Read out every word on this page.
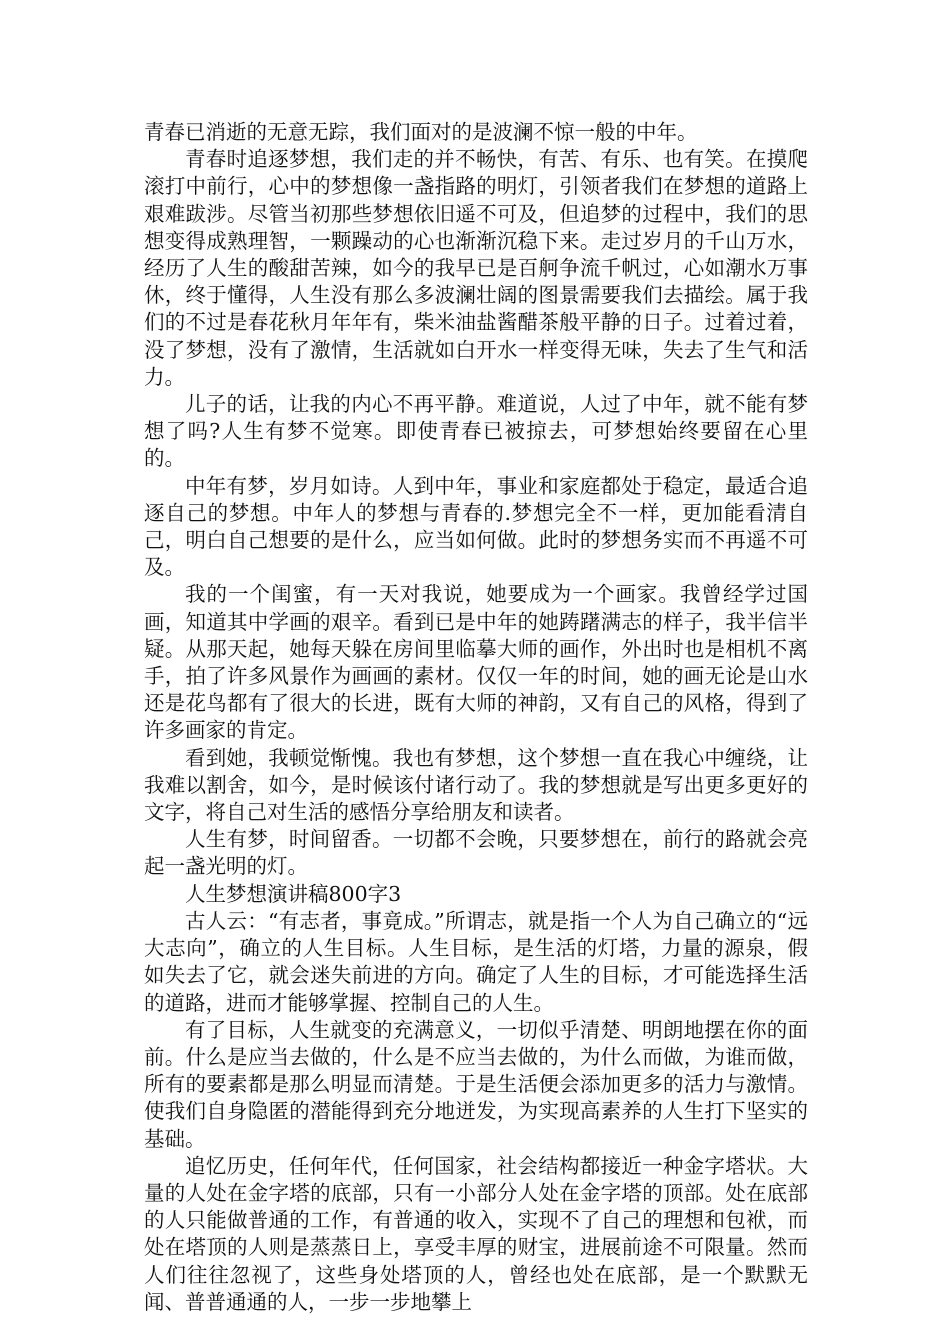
青春已消逝的无意无踪，我们面对的是波澜不惊一般的中年。

青春时追逐梦想，我们走的并不畅快，有苦、有乐、也有笑。在摸爬滚打中前行，心中的梦想像一盏指路的明灯，引领者我们在梦想的道路上艰难跋涉。尽管当初那些梦想依旧遥不可及，但追梦的过程中，我们的思想变得成熟理智，一颗躁动的心也渐渐沉稳下来。走过岁月的千山万水，经历了人生的酸甜苦辣，如今的我早已是百舸争流千帆过，心如潮水万事休，终于懂得，人生没有那么多波澜壮阔的图景需要我们去描绘。属于我们的不过是春花秋月年年有，柴米油盐酱醋茶般平静的日子。过着过着，没了梦想，没有了激情，生活就如白开水一样变得无味，失去了生气和活力。

儿子的话，让我的内心不再平静。难道说，人过了中年，就不能有梦想了吗?人生有梦不觉寒。即使青春已被掠去，可梦想始终要留在心里的。

中年有梦，岁月如诗。人到中年，事业和家庭都处于稳定，最适合追逐自己的梦想。中年人的梦想与青春的.梦想完全不一样，更加能看清自己，明白自己想要的是什么，应当如何做。此时的梦想务实而不再遥不可及。

我的一个闺蜜，有一天对我说，她要成为一个画家。我曾经学过国画，知道其中学画的艰辛。看到已是中年的她踌躇满志的样子，我半信半疑。从那天起，她每天躲在房间里临摹大师的画作，外出时也是相机不离手，拍了许多风景作为画画的素材。仅仅一年的时间，她的画无论是山水还是花鸟都有了很大的长进，既有大师的神韵，又有自己的风格，得到了许多画家的肯定。

看到她，我顿觉惭愧。我也有梦想，这个梦想一直在我心中缠绕，让我难以割舍，如今，是时候该付诸行动了。我的梦想就是写出更多更好的文字，将自己对生活的感悟分享给朋友和读者。

人生有梦，时间留香。一切都不会晚，只要梦想在，前行的路就会亮起一盏光明的灯。

人生梦想演讲稿800字3

古人云：“有志者，事竟成。”所谓志，就是指一个人为自己确立的“远大志向”，确立的人生目标。人生目标，是生活的灯塔，力量的源泉，假如失去了它，就会迷失前进的方向。确定了人生的目标，才可能选择生活的道路，进而才能够掌握、控制自己的人生。

有了目标，人生就变的充满意义，一切似乎清楚、明朗地摆在你的面前。什么是应当去做的，什么是不应当去做的，为什么而做，为谁而做，所有的要素都是那么明显而清楚。于是生活便会添加更多的活力与激情。使我们自身隐匿的潜能得到充分地迸发，为实现高素养的人生打下坚实的基础。

追忆历史，任何年代，任何国家，社会结构都接近一种金字塔状。大量的人处在金字塔的底部，只有一小部分人处在金字塔的顶部。处在底部的人只能做普通的工作，有普通的收入，实现不了自己的理想和包袱，而处在塔顶的人则是蒸蒸日上，享受丰厚的财宝，进展前途不可限量。然而人们往往忽视了，这些身处塔顶的人，曾经也处在底部，是一个默默无闻、普普通通的人，一步一步地攀上
